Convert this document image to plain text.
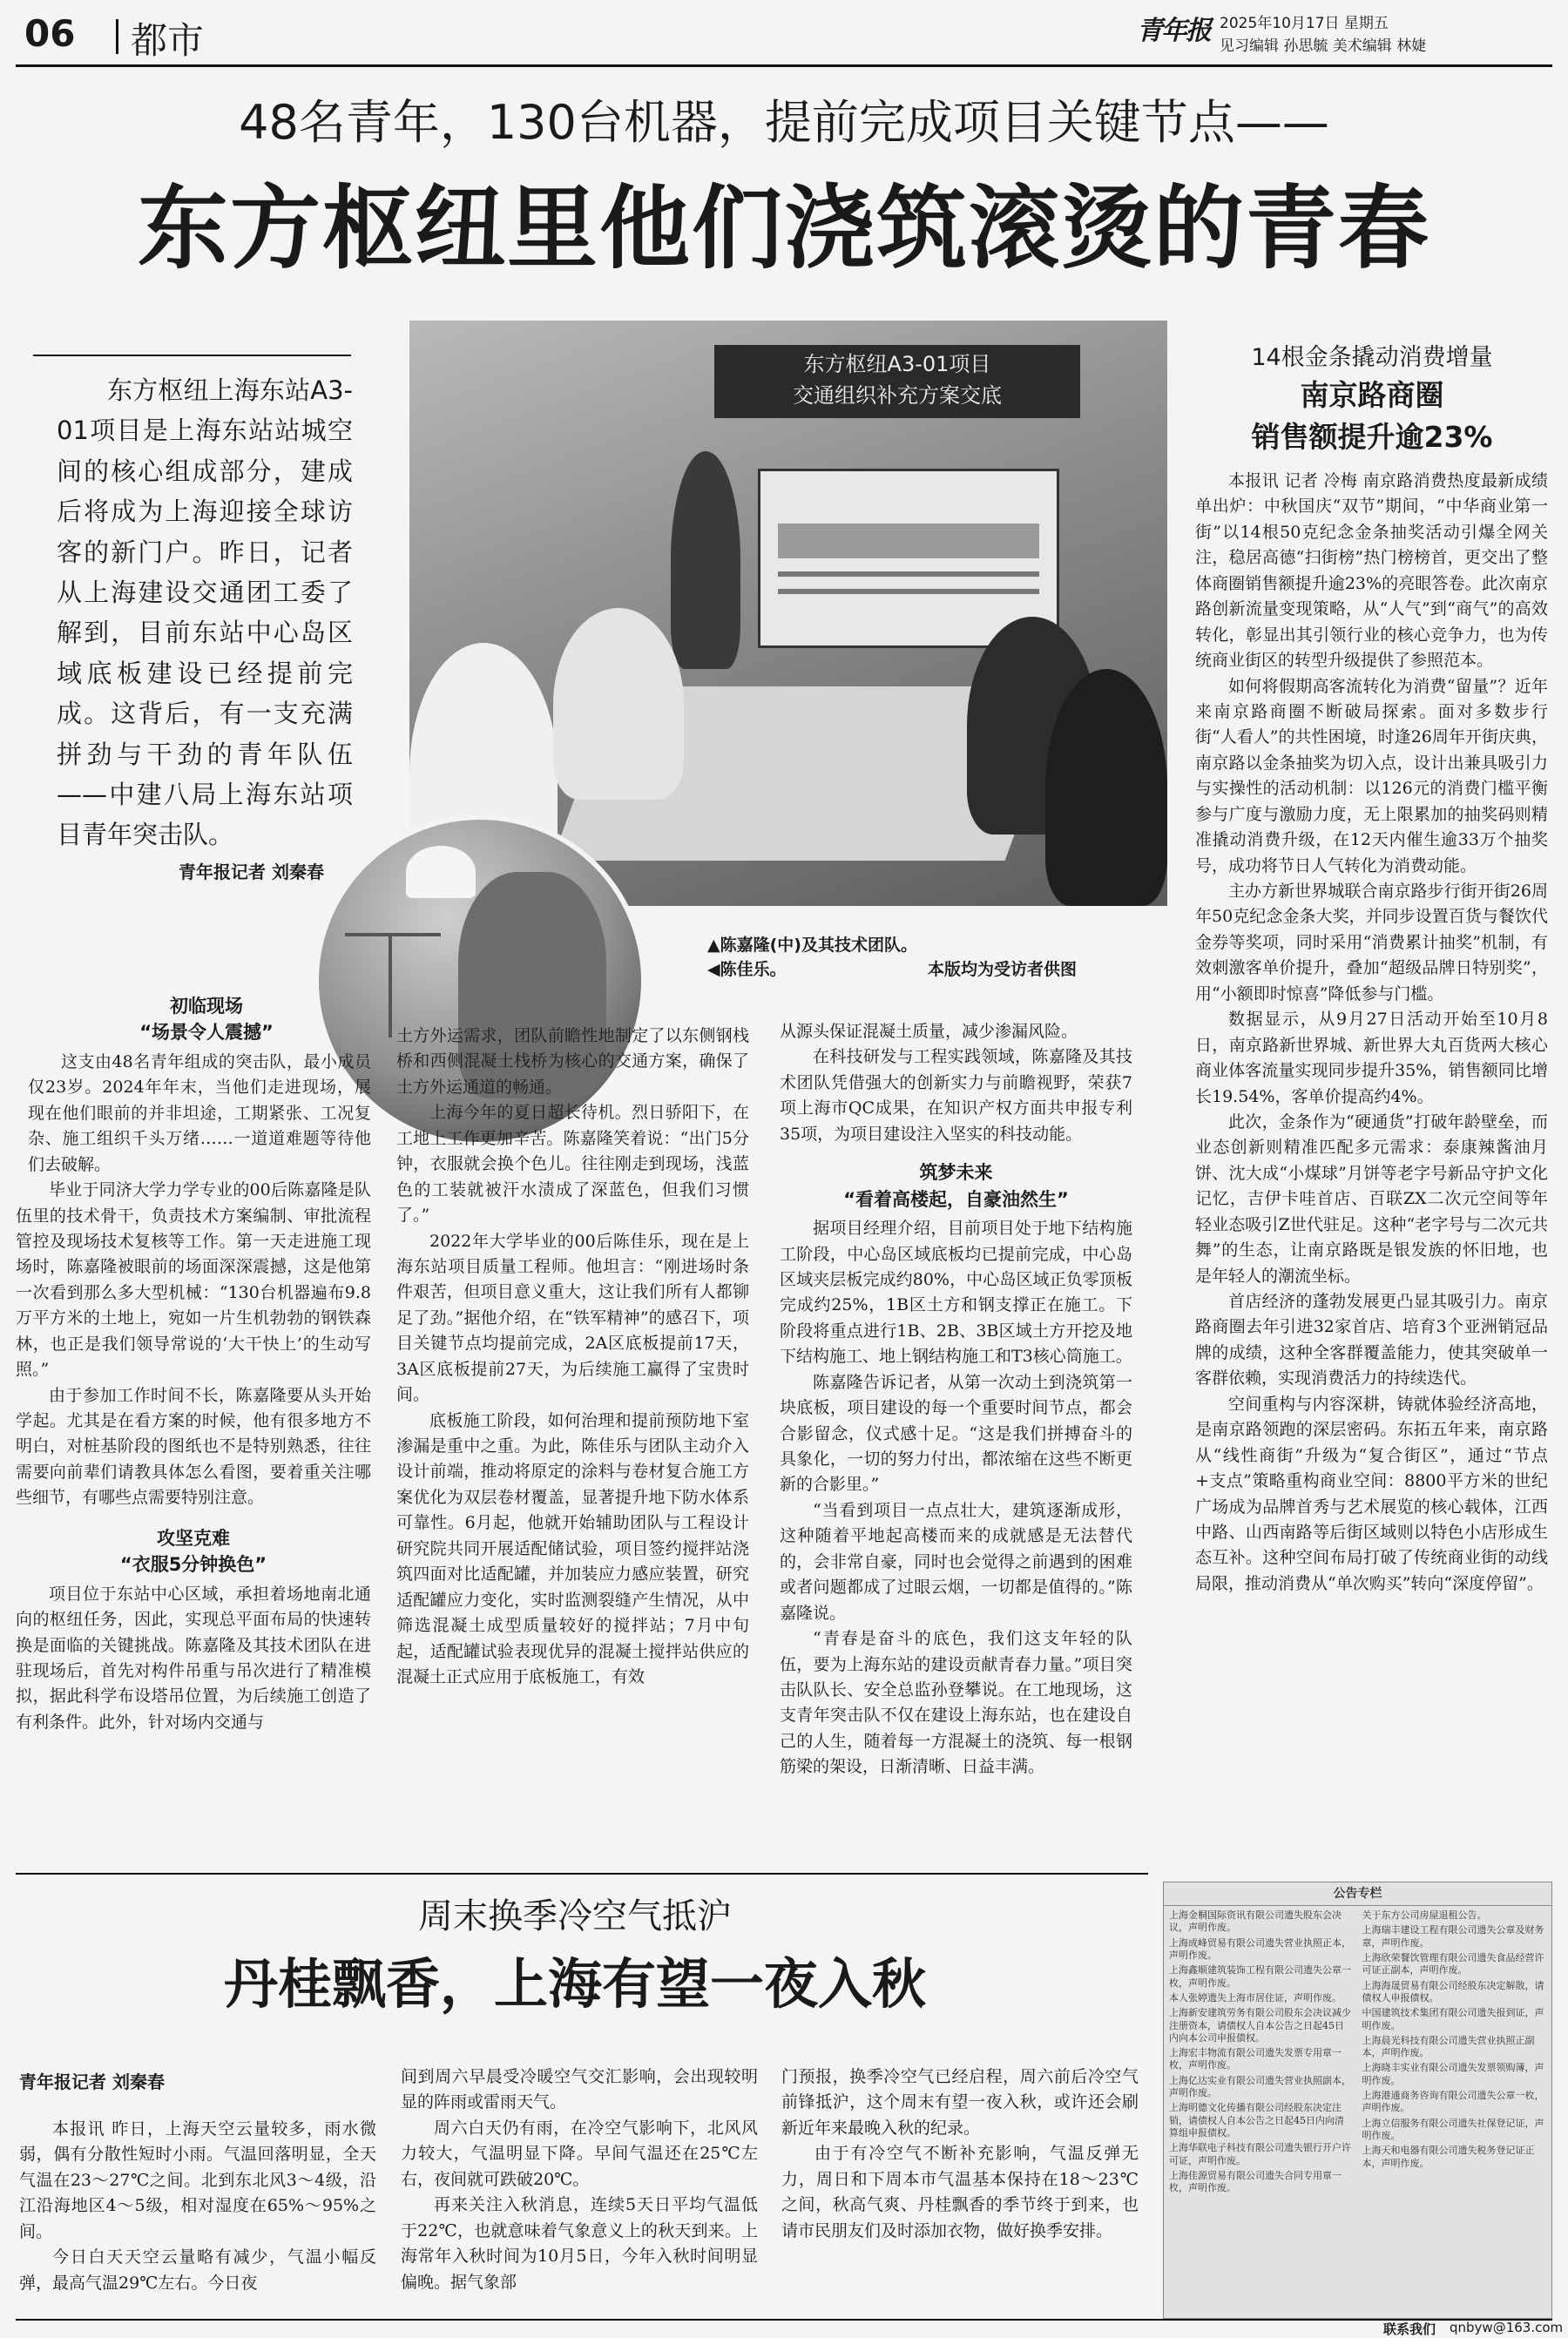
06 都市	青年报 2025年10月17日 星期五
见习编辑 孙思毓 美术编辑 林婕
48名青年，130台机器，提前完成项目关键节点——
东方枢纽里他们浇筑滚烫的青春
东方枢纽上海东站A3-01项目是上海东站站城空间的核心组成部分，建成后将成为上海迎接全球访客的新门户。昨日，记者从上海建设交通团工委了解到，目前东站中心岛区域底板建设已经提前完成。这背后，有一支充满拼劲与干劲的青年队伍——中建八局上海东站项目青年突击队。
青年报记者 刘秦春
东方枢纽A3-01项目
交通组织补充方案交底
▲陈嘉隆(中)及其技术团队。
◀陈佳乐。	本版均为受访者供图
初临现场
“场景令人震撼”

这支由48名青年组成的突击队，最小成员仅23岁。2024年年末，当他们走进现场，展现在他们眼前的并非坦途，工期紧张、工况复杂、施工组织千头万绪……一道道难题等待他们去破解。

毕业于同济大学力学专业的00后陈嘉隆是队伍里的技术骨干，负责技术方案编制、审批流程管控及现场技术复核等工作。第一天走进施工现场时，陈嘉隆被眼前的场面深深震撼，这是他第一次看到那么多大型机械：“130台机器遍布9.8万平方米的土地上，宛如一片生机勃勃的钢铁森林，也正是我们领导常说的‘大干快上’的生动写照。”

由于参加工作时间不长，陈嘉隆要从头开始学起。尤其是在看方案的时候，他有很多地方不明白，对桩基阶段的图纸也不是特别熟悉，往往需要向前辈们请教具体怎么看图，要着重关注哪些细节，有哪些点需要特别注意。

攻坚克难
“衣服5分钟换色”

项目位于东站中心区域，承担着场地南北通向的枢纽任务，因此，实现总平面布局的快速转换是面临的关键挑战。陈嘉隆及其技术团队在进驻现场后，首先对构件吊重与吊次进行了精准模拟，据此科学布设塔吊位置，为后续施工创造了有利条件。此外，针对场内交通与

土方外运需求，团队前瞻性地制定了以东侧钢栈桥和西侧混凝土栈桥为核心的交通方案，确保了土方外运通道的畅通。

上海今年的夏日超长待机。烈日骄阳下，在工地上工作更加辛苦。陈嘉隆笑着说：“出门5分钟，衣服就会换个色儿。往往刚走到现场，浅蓝色的工装就被汗水渍成了深蓝色，但我们习惯了。”

2022年大学毕业的00后陈佳乐，现在是上海东站项目质量工程师。他坦言：“刚进场时条件艰苦，但项目意义重大，这让我们所有人都铆足了劲。”据他介绍，在“铁军精神”的感召下，项目关键节点均提前完成，2A区底板提前17天，3A区底板提前27天，为后续施工赢得了宝贵时间。

底板施工阶段，如何治理和提前预防地下室渗漏是重中之重。为此，陈佳乐与团队主动介入设计前端，推动将原定的涂料与卷材复合施工方案优化为双层卷材覆盖，显著提升地下防水体系可靠性。6月起，他就开始辅助团队与工程设计研究院共同开展适配储试验，项目签约搅拌站浇筑四面对比适配罐，并加装应力感应装置，研究适配罐应力变化，实时监测裂缝产生情况，从中筛选混凝土成型质量较好的搅拌站；7月中旬起，适配罐试验表现优异的混凝土搅拌站供应的混凝土正式应用于底板施工，有效

从源头保证混凝土质量，减少渗漏风险。

在科技研发与工程实践领域，陈嘉隆及其技术团队凭借强大的创新实力与前瞻视野，荣获7项上海市QC成果，在知识产权方面共申报专利35项，为项目建设注入坚实的科技动能。

筑梦未来
“看着高楼起，自豪油然生”

据项目经理介绍，目前项目处于地下结构施工阶段，中心岛区域底板均已提前完成，中心岛区域夹层板完成约80%，中心岛区域正负零顶板完成约25%，1B区土方和钢支撑正在施工。下阶段将重点进行1B、2B、3B区域土方开挖及地下结构施工、地上钢结构施工和T3核心筒施工。

陈嘉隆告诉记者，从第一次动土到浇筑第一块底板，项目建设的每一个重要时间节点，都会合影留念，仪式感十足。“这是我们拼搏奋斗的具象化，一切的努力付出，都浓缩在这些不断更新的合影里。”

“当看到项目一点点壮大，建筑逐渐成形，这种随着平地起高楼而来的成就感是无法替代的，会非常自豪，同时也会觉得之前遇到的困难或者问题都成了过眼云烟，一切都是值得的。”陈嘉隆说。

“青春是奋斗的底色，我们这支年轻的队伍，要为上海东站的建设贡献青春力量。”项目突击队队长、安全总监孙登攀说。在工地现场，这支青年突击队不仅在建设上海东站，也在建设自己的人生，随着每一方混凝土的浇筑、每一根钢筋梁的架设，日渐清晰、日益丰满。

14根金条撬动消费增量
南京路商圈
销售额提升逾23%

本报讯 记者 冷梅 南京路消费热度最新成绩单出炉：中秋国庆“双节”期间，“中华商业第一街”以14根50克纪念金条抽奖活动引爆全网关注，稳居高德“扫街榜”热门榜榜首，更交出了整体商圈销售额提升逾23%的亮眼答卷。此次南京路创新流量变现策略，从“人气”到“商气”的高效转化，彰显出其引领行业的核心竞争力，也为传统商业街区的转型升级提供了参照范本。

如何将假期高客流转化为消费“留量”？近年来南京路商圈不断破局探索。面对多数步行街“人看人”的共性困境，时逢26周年开街庆典，南京路以金条抽奖为切入点，设计出兼具吸引力与实操性的活动机制：以126元的消费门槛平衡参与广度与激励力度，无上限累加的抽奖码则精准撬动消费升级，在12天内催生逾33万个抽奖号，成功将节日人气转化为消费动能。

主办方新世界城联合南京路步行街开街26周年50克纪念金条大奖，并同步设置百货与餐饮代金券等奖项，同时采用“消费累计抽奖”机制，有效刺激客单价提升，叠加“超级品牌日特别奖”，用“小额即时惊喜”降低参与门槛。

数据显示，从9月27日活动开始至10月8日，南京路新世界城、新世界大丸百货两大核心商业体客流量实现同步提升35%，销售额同比增长19.54%，客单价提高约4%。

此次，金条作为“硬通货”打破年龄壁垒，而业态创新则精准匹配多元需求：泰康辣酱油月饼、沈大成“小煤球”月饼等老字号新品守护文化记忆，吉伊卡哇首店、百联ZX二次元空间等年轻业态吸引Z世代驻足。这种“老字号与二次元共舞”的生态，让南京路既是银发族的怀旧地，也是年轻人的潮流坐标。

首店经济的蓬勃发展更凸显其吸引力。南京路商圈去年引进32家首店、培育3个亚洲销冠品牌的成绩，这种全客群覆盖能力，使其突破单一客群依赖，实现消费活力的持续迭代。

空间重构与内容深耕，铸就体验经济高地，是南京路领跑的深层密码。东拓五年来，南京路从“线性商街”升级为“复合街区”，通过“节点+支点”策略重构商业空间：8800平方米的世纪广场成为品牌首秀与艺术展览的核心载体，江西中路、山西南路等后街区域则以特色小店形成生态互补。这种空间布局打破了传统商业街的动线局限，推动消费从“单次购买”转向“深度停留”。

公告专栏

上海金桐国际资讯有限公司遗失股东会决议，声明作废。

上海成峰贸易有限公司遗失营业执照正本，声明作废。

上海鑫顺建筑装饰工程有限公司遗失公章一枚，声明作废。

本人张婷遗失上海市居住证，声明作废。

上海新安建筑劳务有限公司股东会决议减少注册资本，请债权人自本公告之日起45日内向本公司申报债权。

上海宏丰物流有限公司遗失发票专用章一枚，声明作废。

上海亿达实业有限公司遗失营业执照副本，声明作废。

上海明德文化传播有限公司经股东决定注销，请债权人自本公告之日起45日内向清算组申报债权。

上海华联电子科技有限公司遗失银行开户许可证，声明作废。

上海佳源贸易有限公司遗失合同专用章一枚，声明作废。

关于东方公司房屋退租公告。

上海瑞丰建设工程有限公司遗失公章及财务章，声明作废。

上海欣荣餐饮管理有限公司遗失食品经营许可证正副本，声明作废。

上海海晟贸易有限公司经股东决定解散，请债权人申报债权。

中国建筑技术集团有限公司遗失报到证，声明作废。

上海晨光科技有限公司遗失营业执照正副本，声明作废。

上海晓丰实业有限公司遗失发票领购簿，声明作废。

上海港通商务咨询有限公司遗失公章一枚，声明作废。

上海立信服务有限公司遗失社保登记证，声明作废。

上海天和电器有限公司遗失税务登记证正本，声明作废。

周末换季冷空气抵沪
丹桂飘香，上海有望一夜入秋
青年报记者 刘秦春

本报讯 昨日，上海天空云量较多，雨水微弱，偶有分散性短时小雨。气温回落明显，全天气温在23～27℃之间。北到东北风3～4级，沿江沿海地区4～5级，相对湿度在65%～95%之间。

今日白天天空云量略有减少，气温小幅反弹，最高气温29℃左右。今日夜

间到周六早晨受冷暖空气交汇影响，会出现较明显的阵雨或雷雨天气。

周六白天仍有雨，在冷空气影响下，北风风力较大，气温明显下降。早间气温还在25℃左右，夜间就可跌破20℃。

再来关注入秋消息，连续5天日平均气温低于22℃，也就意味着气象意义上的秋天到来。上海常年入秋时间为10月5日，今年入秋时间明显偏晚。据气象部

门预报，换季冷空气已经启程，周六前后冷空气前锋抵沪，这个周末有望一夜入秋，或许还会刷新近年来最晚入秋的纪录。

由于有冷空气不断补充影响，气温反弹无力，周日和下周本市气温基本保持在18～23℃之间，秋高气爽、丹桂飘香的季节终于到来，也请市民朋友们及时添加衣物，做好换季安排。

联系我们 qnbyw@163.com
